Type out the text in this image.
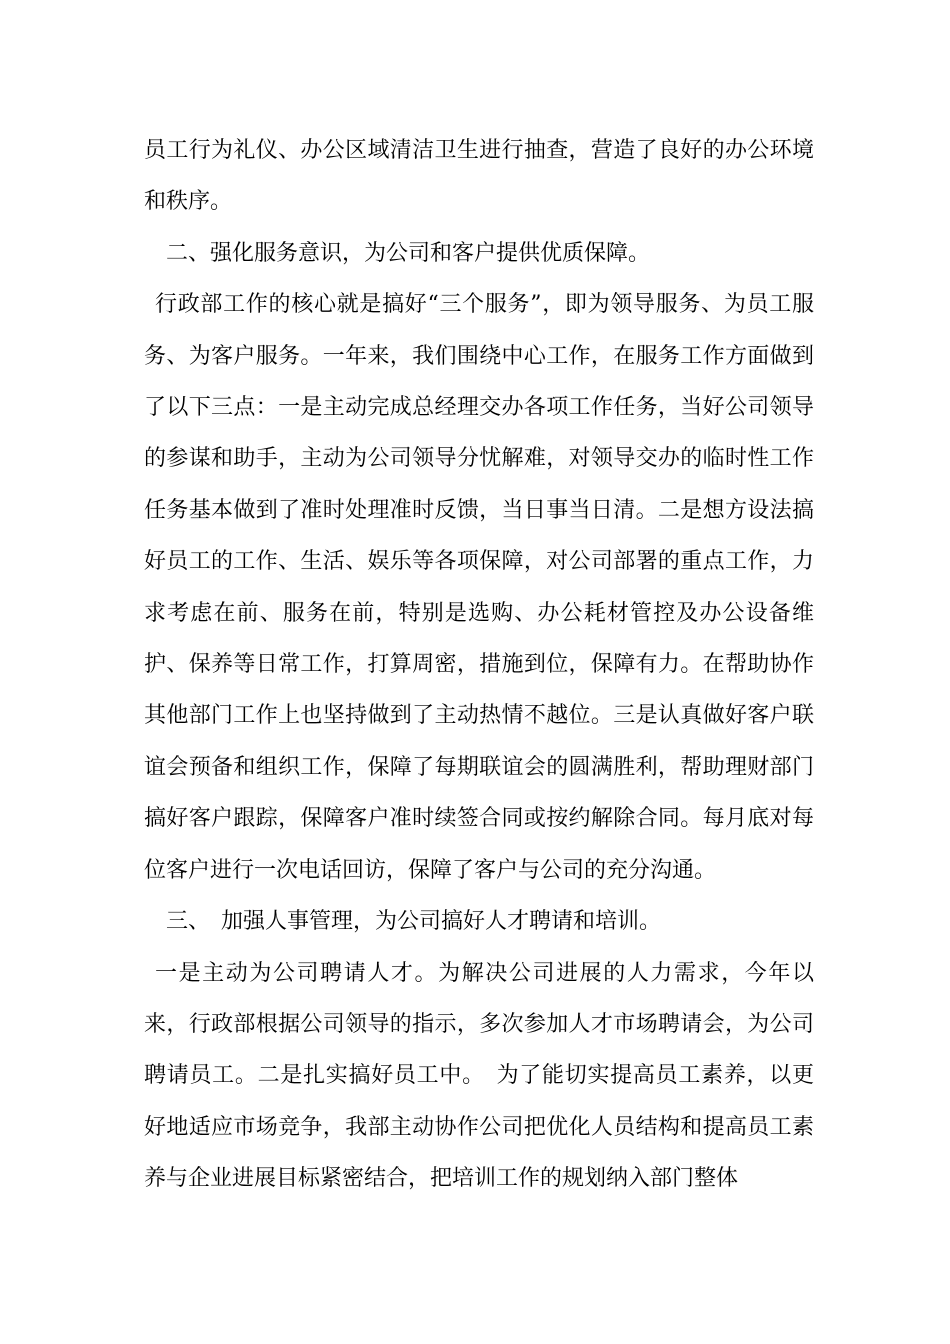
员工行为礼仪、办公区域清洁卫生进行抽查，营造了良好的办公环境和秩序。

二、强化服务意识，为公司和客户提供优质保障。

行政部工作的核心就是搞好“三个服务”，即为领导服务、为员工服务、为客户服务。一年来，我们围绕中心工作，在服务工作方面做到了以下三点：一是主动完成总经理交办各项工作任务，当好公司领导的参谋和助手，主动为公司领导分忧解难，对领导交办的临时性工作任务基本做到了准时处理准时反馈，当日事当日清。二是想方设法搞好员工的工作、生活、娱乐等各项保障，对公司部署的重点工作，力求考虑在前、服务在前，特别是选购、办公耗材管控及办公设备维护、保养等日常工作，打算周密，措施到位，保障有力。在帮助协作其他部门工作上也坚持做到了主动热情不越位。三是认真做好客户联谊会预备和组织工作，保障了每期联谊会的圆满胜利，帮助理财部门搞好客户跟踪，保障客户准时续签合同或按约解除合同。每月底对每位客户进行一次电话回访，保障了客户与公司的充分沟通。

三、　加强人事管理，为公司搞好人才聘请和培训。

一是主动为公司聘请人才。为解决公司进展的人力需求，今年以来，行政部根据公司领导的指示，多次参加人才市场聘请会，为公司聘请员工。二是扎实搞好员工中。　为了能切实提高员工素养，以更好地适应市场竞争，我部主动协作公司把优化人员结构和提高员工素养与企业进展目标紧密结合，把培训工作的规划纳入部门整体
